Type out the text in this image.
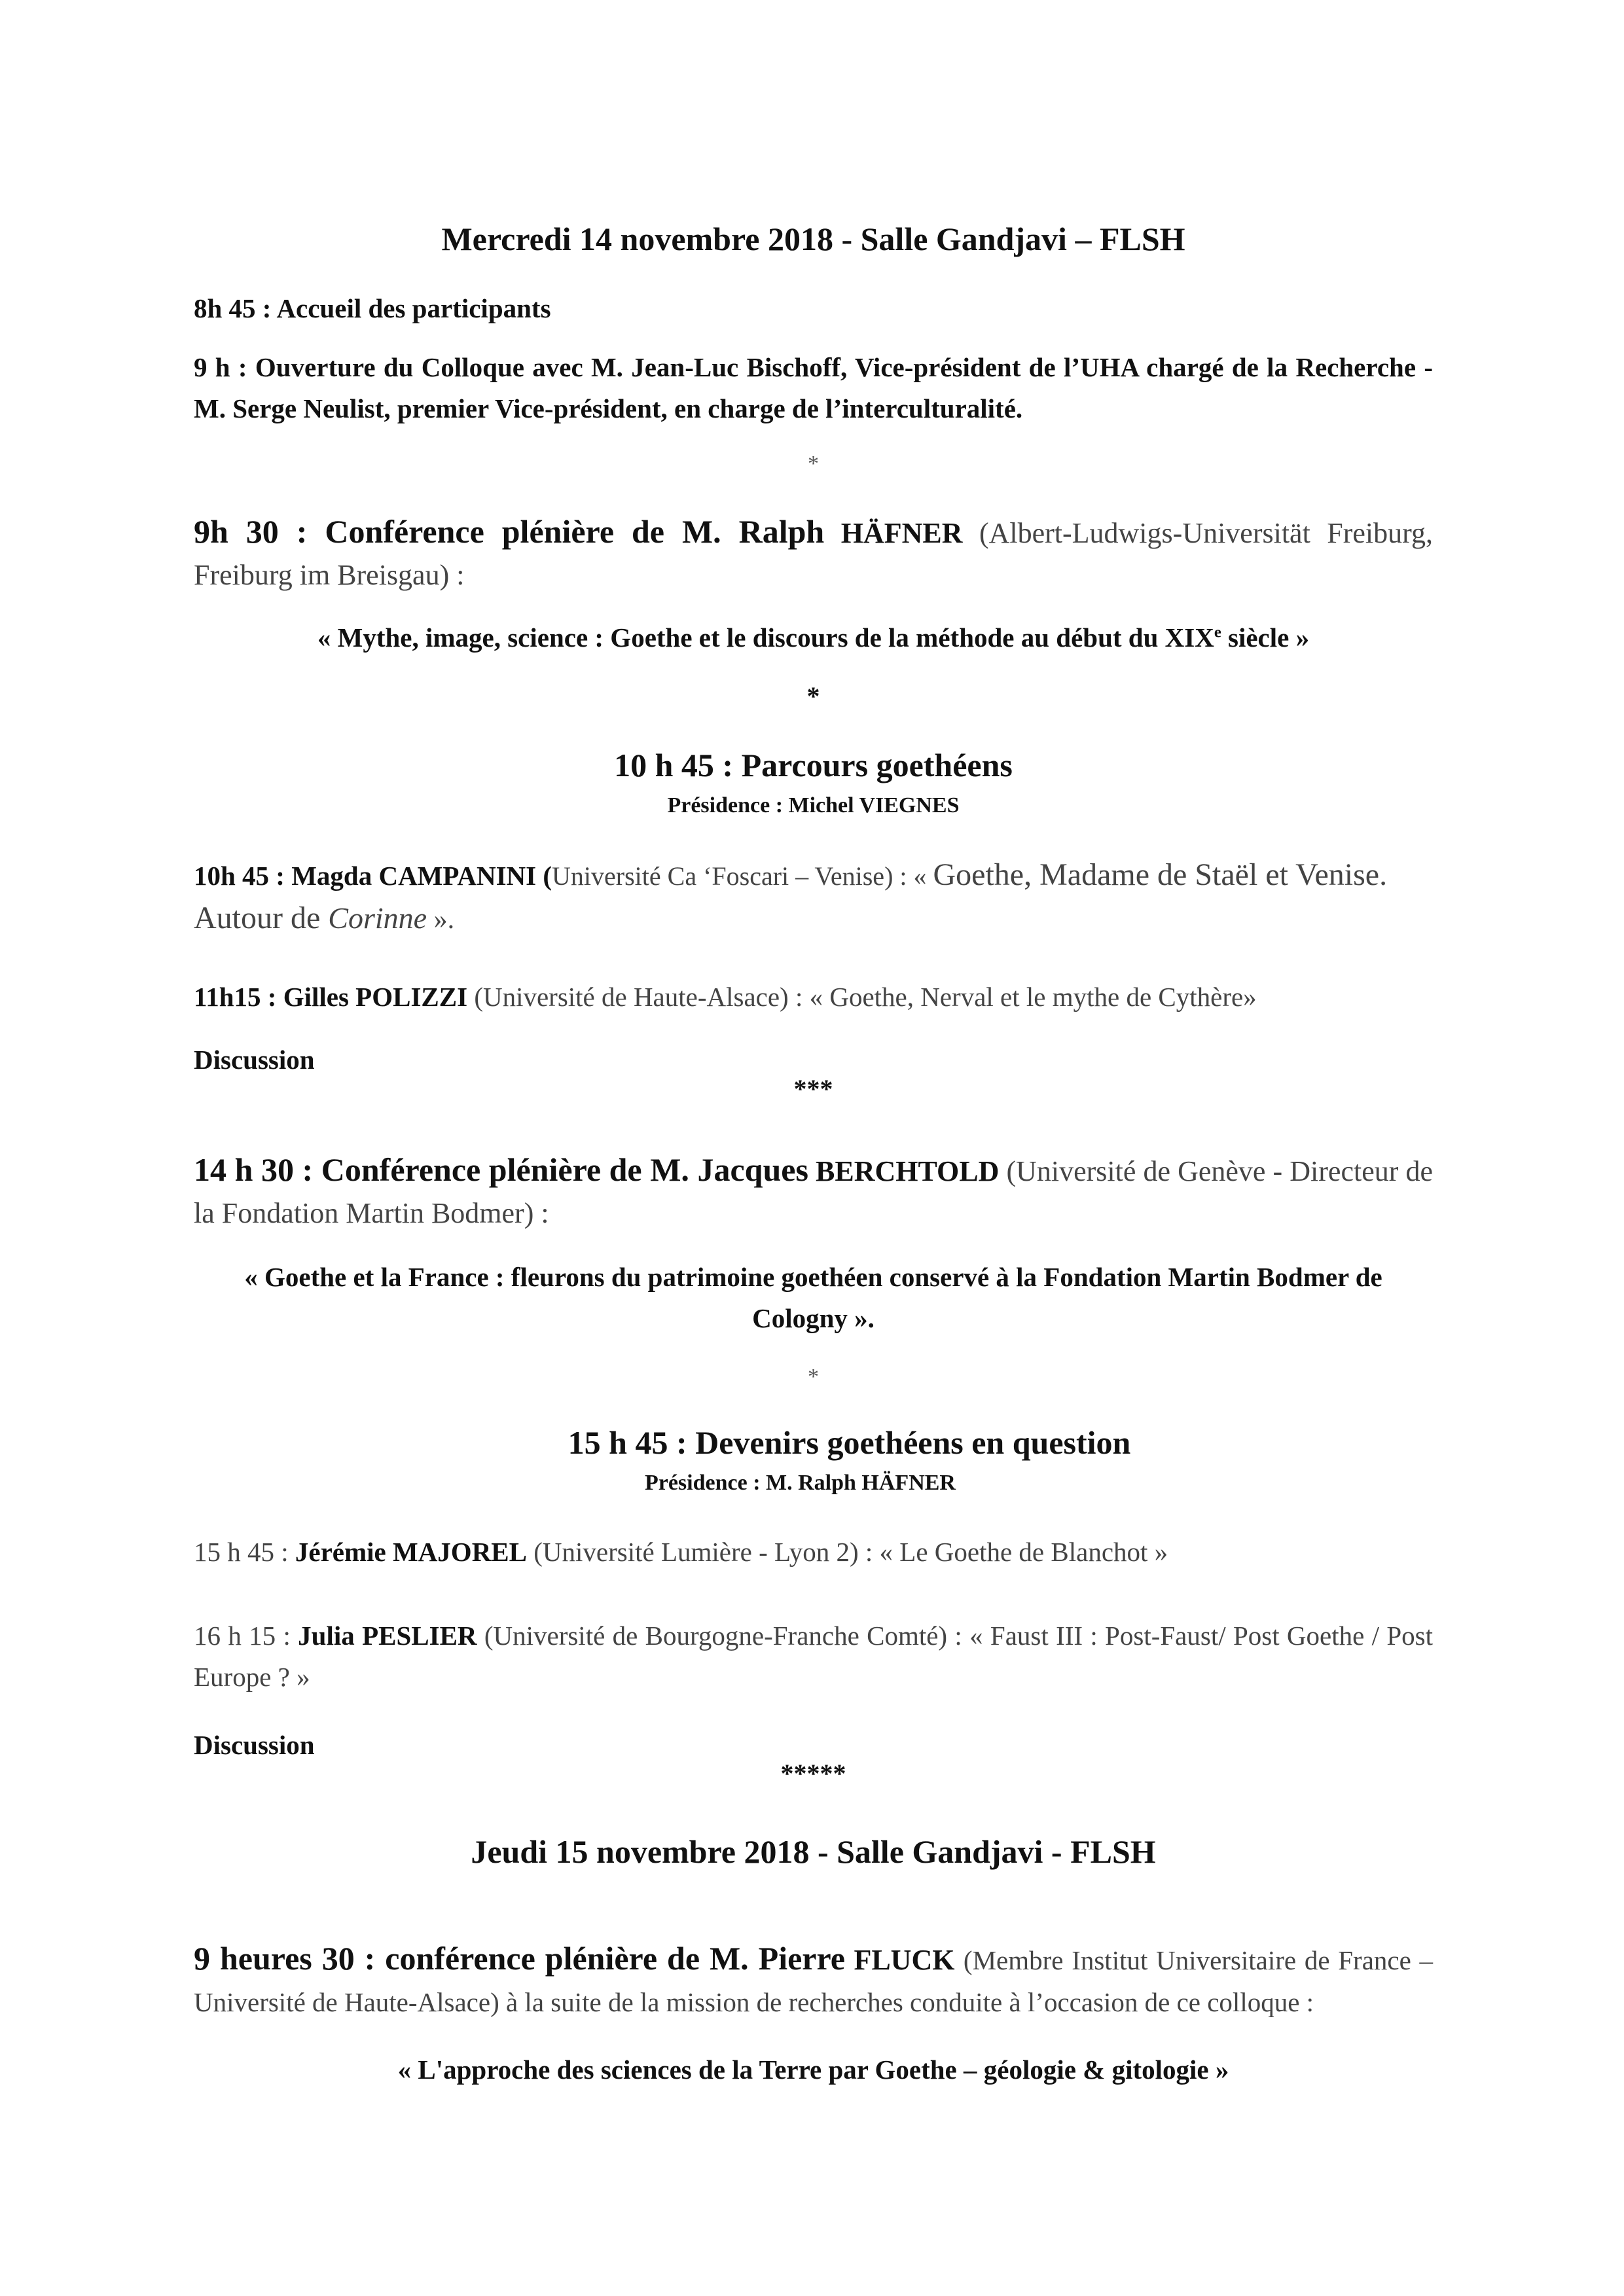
Mercredi 14 novembre 2018 - Salle Gandjavi – FLSH

8h 45 : Accueil des participants

9 h : Ouverture du Colloque avec M. Jean-Luc Bischoff, Vice-président de l’UHA chargé de la Recherche - M. Serge Neulist, premier Vice-président, en charge de l’interculturalité.

*

9h 30 : Conférence plénière de M. Ralph HÄFNER (Albert-Ludwigs-Universität Freiburg, Freiburg im Breisgau) :

« Mythe, image, science : Goethe et le discours de la méthode au début du XIXe siècle »

*

10 h 45 : Parcours goethéens

Présidence : Michel VIEGNES

10h 45 : Magda CAMPANINI (Université Ca ‘Foscari – Venise) : « Goethe, Madame de Staël et Venise. Autour de Corinne ».

11h15 : Gilles POLIZZI (Université de Haute-Alsace) : « Goethe, Nerval et le mythe de Cythère»

Discussion

***

14 h 30 : Conférence plénière de M. Jacques BERCHTOLD (Université de Genève - Directeur de la Fondation Martin Bodmer) :

« Goethe et la France : fleurons du patrimoine goethéen conservé à la Fondation Martin Bodmer de Cologny ».

*

15 h 45 : Devenirs goethéens en question

Présidence : M. Ralph HÄFNER

15 h 45 : Jérémie MAJOREL (Université Lumière - Lyon 2) : « Le Goethe de Blanchot »

16 h 15 : Julia PESLIER (Université de Bourgogne-Franche Comté) : « Faust III : Post-Faust/ Post Goethe / Post Europe ? »

Discussion

*****

Jeudi 15 novembre 2018 - Salle Gandjavi - FLSH

9 heures 30 : conférence plénière de M. Pierre FLUCK (Membre Institut Universitaire de France – Université de Haute-Alsace) à la suite de la mission de recherches conduite à l’occasion de ce colloque :

« L'approche des sciences de la Terre par Goethe – géologie & gitologie »
